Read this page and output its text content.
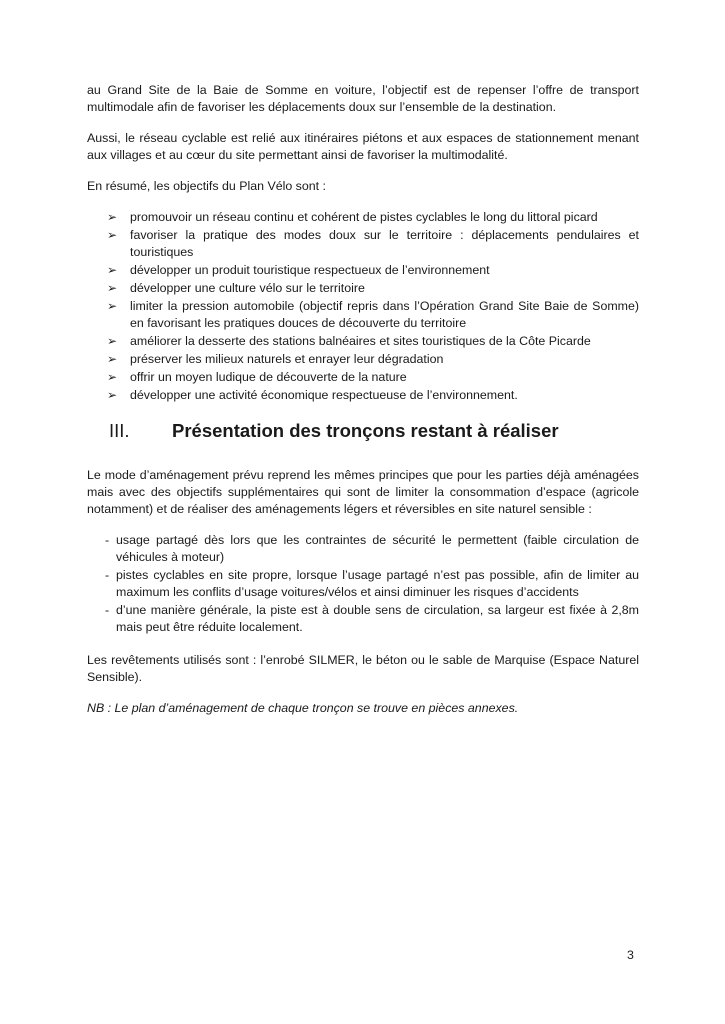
au Grand Site de la Baie de Somme en voiture, l’objectif est de repenser l’offre de transport multimodale afin de favoriser les déplacements doux sur l’ensemble de la destination.

Aussi, le réseau cyclable est relié aux itinéraires piétons et aux espaces de stationnement menant aux villages et au cœur du site permettant ainsi de favoriser la multimodalité.

En résumé, les objectifs du Plan Vélo sont :

➢ promouvoir un réseau continu et cohérent de pistes cyclables le long du littoral picard
➢ favoriser la pratique des modes doux sur le territoire : déplacements pendulaires et touristiques
➢ développer un produit touristique respectueux de l’environnement
➢ développer une culture vélo sur le territoire
➢ limiter la pression automobile (objectif repris dans l’Opération Grand Site Baie de Somme) en favorisant les pratiques douces de découverte du territoire
➢ améliorer la desserte des stations balnéaires et sites touristiques de la Côte Picarde
➢ préserver les milieux naturels et enrayer leur dégradation
➢ offrir un moyen ludique de découverte de la nature
➢ développer une activité économique respectueuse de l’environnement.
III.	Présentation des tronçons restant à réaliser

Le mode d’aménagement prévu reprend les mêmes principes que pour les parties déjà aménagées mais avec des objectifs supplémentaires qui sont de limiter la consommation d’espace (agricole notamment) et de réaliser des aménagements légers et réversibles en site naturel sensible :

- usage partagé dès lors que les contraintes de sécurité le permettent (faible circulation de véhicules à moteur)
- pistes cyclables en site propre, lorsque l’usage partagé n’est pas possible, afin de limiter au maximum les conflits d’usage voitures/vélos et ainsi diminuer les risques d’accidents
- d’une manière générale, la piste est à double sens de circulation, sa largeur est fixée à 2,8m mais peut être réduite localement.

Les revêtements utilisés sont : l’enrobé SILMER, le béton ou le sable de Marquise (Espace Naturel Sensible).

NB : Le plan d’aménagement de chaque tronçon se trouve en pièces annexes.

3
